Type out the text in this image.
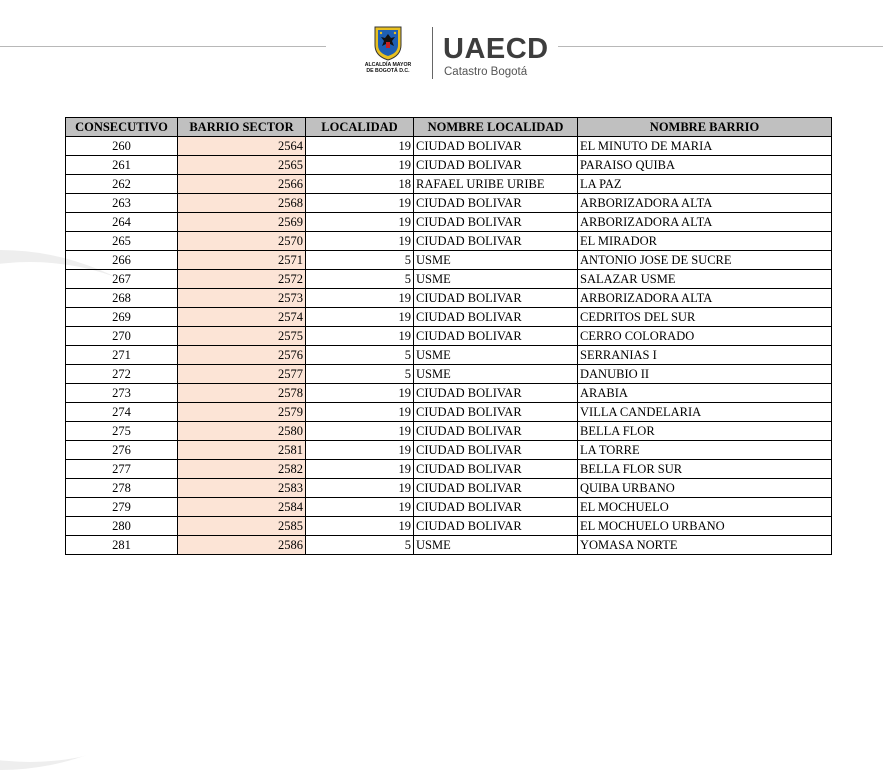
ALCALDÍA MAYOR
DE BOGOTÁ D.C.
UAECD
Catastro Bogotá
CONSECUTIVO	BARRIO SECTOR	LOCALIDAD	NOMBRE LOCALIDAD	NOMBRE BARRIO
260	2564	19	CIUDAD BOLIVAR	EL MINUTO DE MARIA
261	2565	19	CIUDAD BOLIVAR	PARAISO QUIBA
262	2566	18	RAFAEL URIBE URIBE	LA PAZ
263	2568	19	CIUDAD BOLIVAR	ARBORIZADORA ALTA
264	2569	19	CIUDAD BOLIVAR	ARBORIZADORA ALTA
265	2570	19	CIUDAD BOLIVAR	EL MIRADOR
266	2571	5	USME	ANTONIO JOSE DE SUCRE
267	2572	5	USME	SALAZAR USME
268	2573	19	CIUDAD BOLIVAR	ARBORIZADORA ALTA
269	2574	19	CIUDAD BOLIVAR	CEDRITOS DEL SUR
270	2575	19	CIUDAD BOLIVAR	CERRO COLORADO
271	2576	5	USME	SERRANIAS I
272	2577	5	USME	DANUBIO II
273	2578	19	CIUDAD BOLIVAR	ARABIA
274	2579	19	CIUDAD BOLIVAR	VILLA CANDELARIA
275	2580	19	CIUDAD BOLIVAR	BELLA FLOR
276	2581	19	CIUDAD BOLIVAR	LA TORRE
277	2582	19	CIUDAD BOLIVAR	BELLA FLOR SUR
278	2583	19	CIUDAD BOLIVAR	QUIBA URBANO
279	2584	19	CIUDAD BOLIVAR	EL MOCHUELO
280	2585	19	CIUDAD BOLIVAR	EL MOCHUELO URBANO
281	2586	5	USME	YOMASA NORTE
